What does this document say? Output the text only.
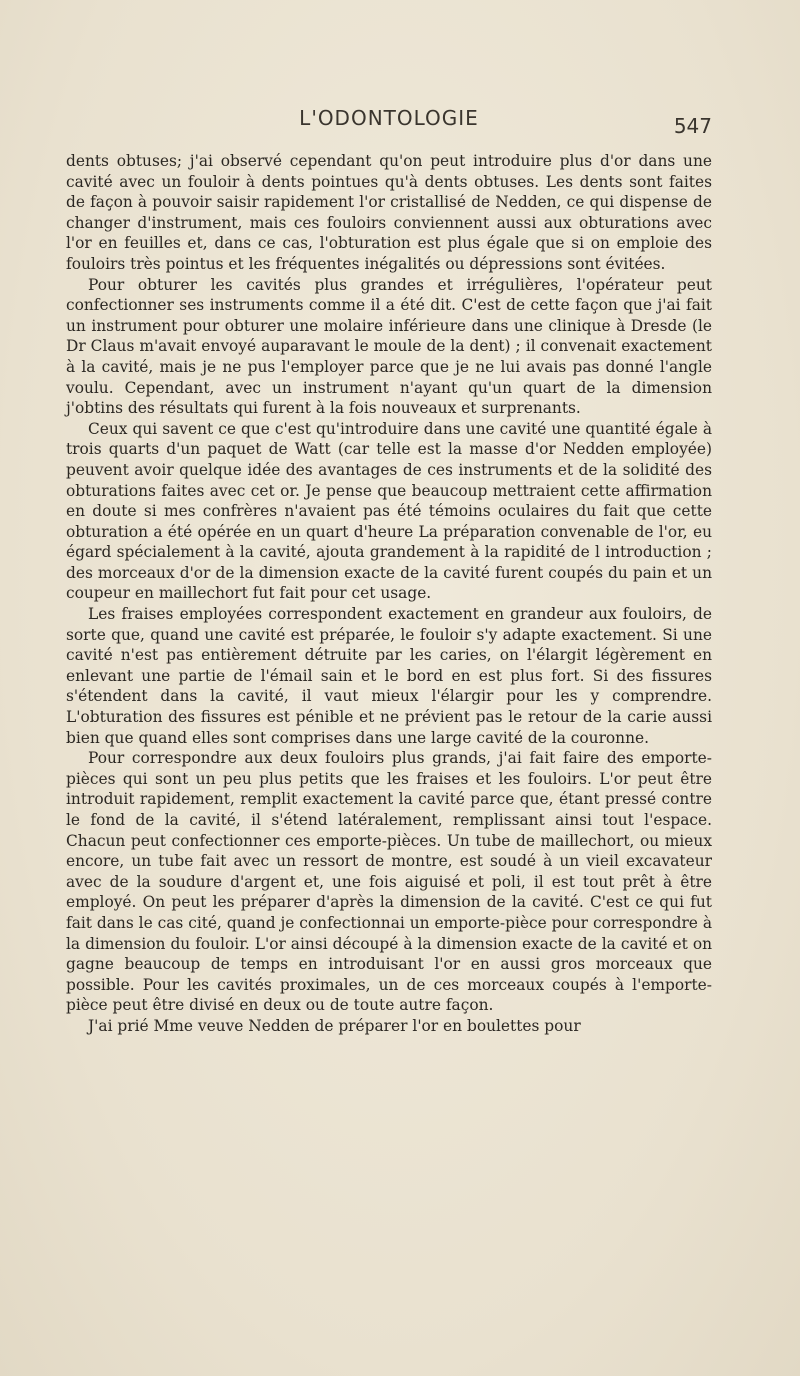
L'ODONTOLOGIE	547

dents obtuses; j'ai observé cependant qu'on peut introduire plus d'or dans une cavité avec un fouloir à dents pointues qu'à dents obtuses. Les dents sont faites de façon à pouvoir saisir rapidement l'or cristallisé de Nedden, ce qui dispense de changer d'instrument, mais ces fouloirs conviennent aussi aux obturations avec l'or en feuilles et, dans ce cas, l'obturation est plus égale que si on emploie des fouloirs très pointus et les fréquentes inégalités ou dépressions sont évitées.

Pour obturer les cavités plus grandes et irrégulières, l'opérateur peut confectionner ses instruments comme il a été dit. C'est de cette façon que j'ai fait un instrument pour obturer une molaire inférieure dans une clinique à Dresde (le Dr Claus m'avait envoyé auparavant le moule de la dent) ; il convenait exactement à la cavité, mais je ne pus l'employer parce que je ne lui avais pas donné l'angle voulu. Cependant, avec un instrument n'ayant qu'un quart de la dimension j'obtins des résultats qui furent à la fois nouveaux et surprenants.

Ceux qui savent ce que c'est qu'introduire dans une cavité une quantité égale à trois quarts d'un paquet de Watt (car telle est la masse d'or Nedden employée) peuvent avoir quelque idée des avantages de ces instruments et de la solidité des obturations faites avec cet or. Je pense que beaucoup mettraient cette affirmation en doute si mes confrères n'avaient pas été témoins oculaires du fait que cette obturation a été opérée en un quart d'heure La préparation convenable de l'or, eu égard spécialement à la cavité, ajouta grandement à la rapidité de l introduction ; des morceaux d'or de la dimension exacte de la cavité furent coupés du pain et un coupeur en maillechort fut fait pour cet usage.

Les fraises employées correspondent exactement en grandeur aux fouloirs, de sorte que, quand une cavité est préparée, le fouloir s'y adapte exactement. Si une cavité n'est pas entièrement détruite par les caries, on l'élargit légèrement en enlevant une partie de l'émail sain et le bord en est plus fort. Si des fissures s'étendent dans la cavité, il vaut mieux l'élargir pour les y comprendre. L'obturation des fissures est pénible et ne prévient pas le retour de la carie aussi bien que quand elles sont comprises dans une large cavité de la couronne.

Pour correspondre aux deux fouloirs plus grands, j'ai fait faire des emporte-pièces qui sont un peu plus petits que les fraises et les fouloirs. L'or peut être introduit rapidement, remplit exactement la cavité parce que, étant pressé contre le fond de la cavité, il s'étend latéralement, remplissant ainsi tout l'espace. Chacun peut confectionner ces emporte-pièces. Un tube de maillechort, ou mieux encore, un tube fait avec un ressort de montre, est soudé à un vieil excavateur avec de la soudure d'argent et, une fois aiguisé et poli, il est tout prêt à être employé. On peut les préparer d'après la dimension de la cavité. C'est ce qui fut fait dans le cas cité, quand je confectionnai un emporte-pièce pour correspondre à la dimension du fouloir. L'or ainsi découpé à la dimension exacte de la cavité et on gagne beaucoup de temps en introduisant l'or en aussi gros morceaux que possible. Pour les cavités proximales, un de ces morceaux coupés à l'emporte-pièce peut être divisé en deux ou de toute autre façon.

J'ai prié Mme veuve Nedden de préparer l'or en boulettes pour
